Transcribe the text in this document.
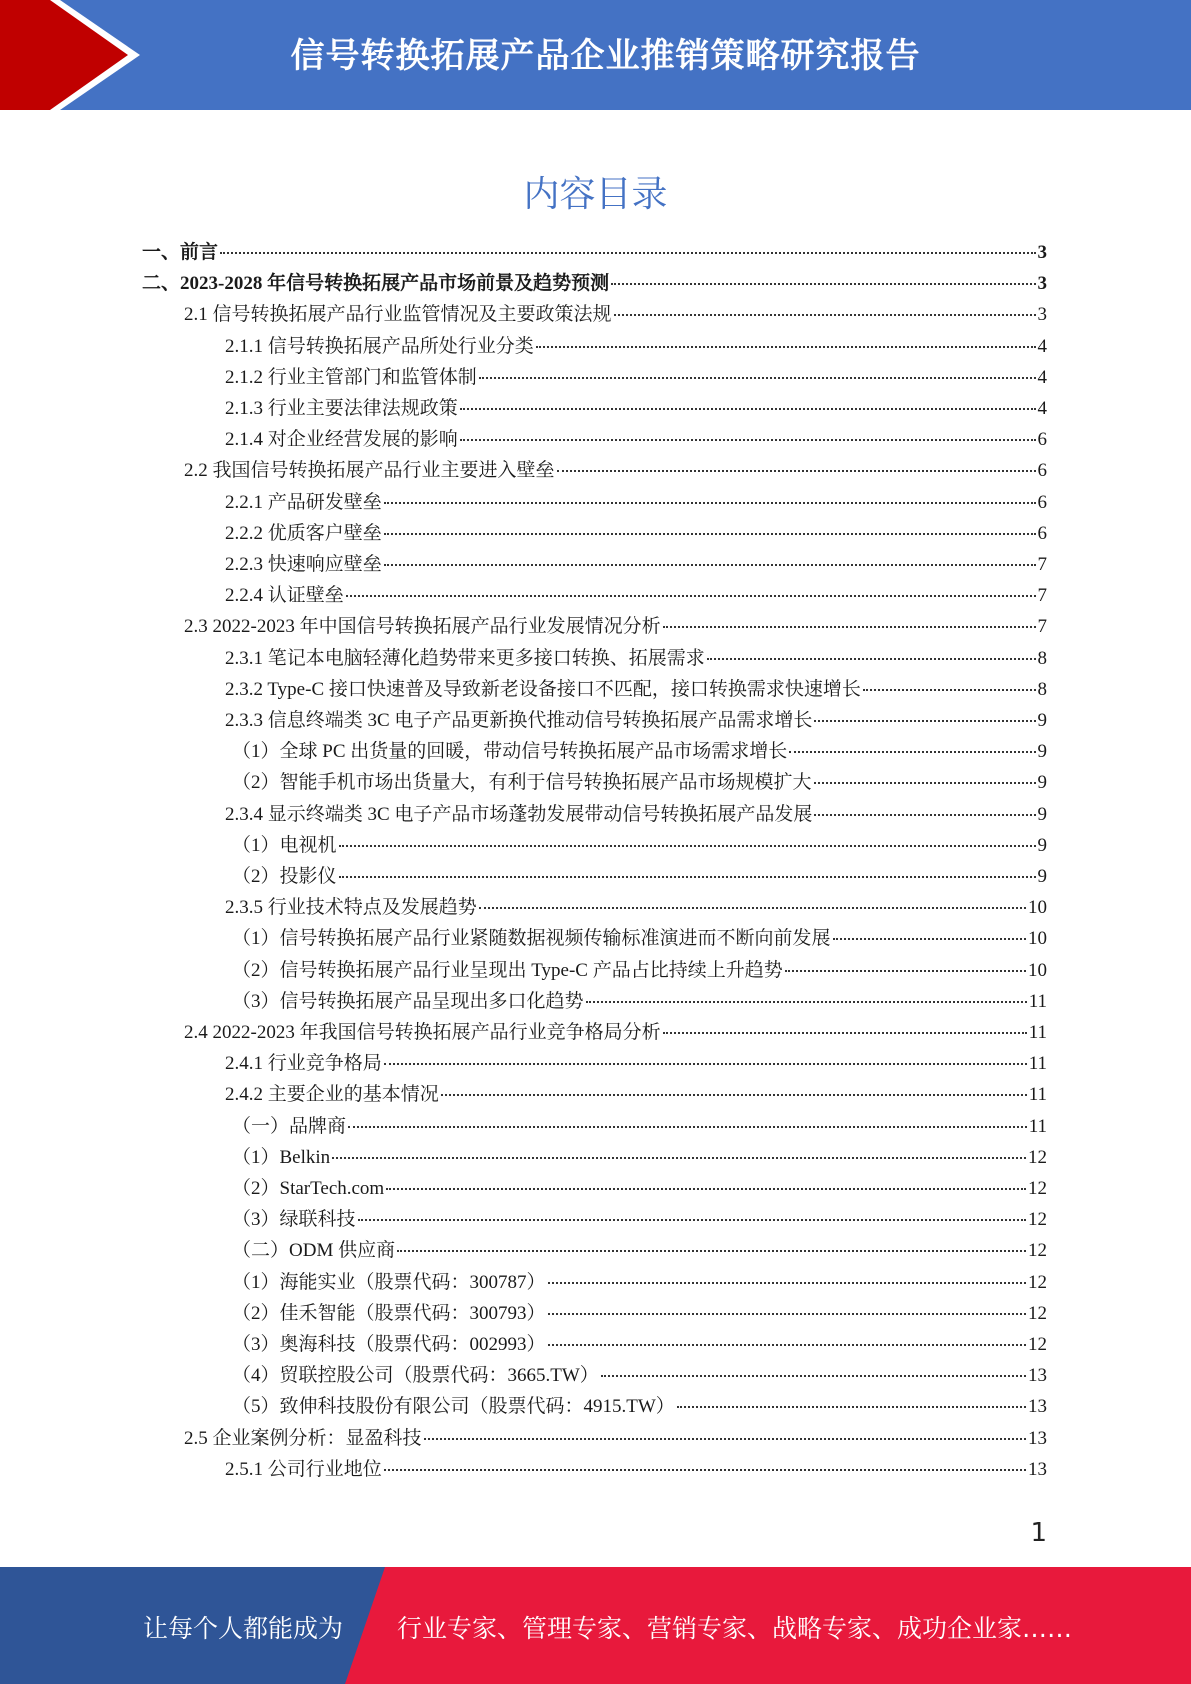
信号转换拓展产品企业推销策略研究报告
内容目录
一、前言	3
二、2023-2028 年信号转换拓展产品市场前景及趋势预测	3
2.1 信号转换拓展产品行业监管情况及主要政策法规	3
2.1.1 信号转换拓展产品所处行业分类	4
2.1.2 行业主管部门和监管体制	4
2.1.3 行业主要法律法规政策	4
2.1.4 对企业经营发展的影响	6
2.2 我国信号转换拓展产品行业主要进入壁垒	6
2.2.1 产品研发壁垒	6
2.2.2 优质客户壁垒	6
2.2.3 快速响应壁垒	7
2.2.4 认证壁垒	7
2.3 2022-2023 年中国信号转换拓展产品行业发展情况分析	7
2.3.1 笔记本电脑轻薄化趋势带来更多接口转换、拓展需求	8
2.3.2 Type-C 接口快速普及导致新老设备接口不匹配，接口转换需求快速增长	8
2.3.3 信息终端类 3C 电子产品更新换代推动信号转换拓展产品需求增长	9
（1）全球 PC 出货量的回暖，带动信号转换拓展产品市场需求增长	9
（2）智能手机市场出货量大，有利于信号转换拓展产品市场规模扩大	9
2.3.4 显示终端类 3C 电子产品市场蓬勃发展带动信号转换拓展产品发展	9
（1）电视机	9
（2）投影仪	9
2.3.5 行业技术特点及发展趋势	10
（1）信号转换拓展产品行业紧随数据视频传输标准演进而不断向前发展	10
（2）信号转换拓展产品行业呈现出 Type-C 产品占比持续上升趋势	10
（3）信号转换拓展产品呈现出多口化趋势	11
2.4 2022-2023 年我国信号转换拓展产品行业竞争格局分析	11
2.4.1 行业竞争格局	11
2.4.2 主要企业的基本情况	11
（一）品牌商	11
（1）Belkin	12
（2）StarTech.com	12
（3）绿联科技	12
（二）ODM 供应商	12
（1）海能实业（股票代码：300787）	12
（2）佳禾智能（股票代码：300793）	12
（3）奥海科技（股票代码：002993）	12
（4）贸联控股公司（股票代码：3665.TW）	13
（5）致伸科技股份有限公司（股票代码：4915.TW）	13
2.5 企业案例分析：显盈科技	13
2.5.1 公司行业地位	13
1
让每个人都能成为 行业专家、管理专家、营销专家、战略专家、成功企业家……
